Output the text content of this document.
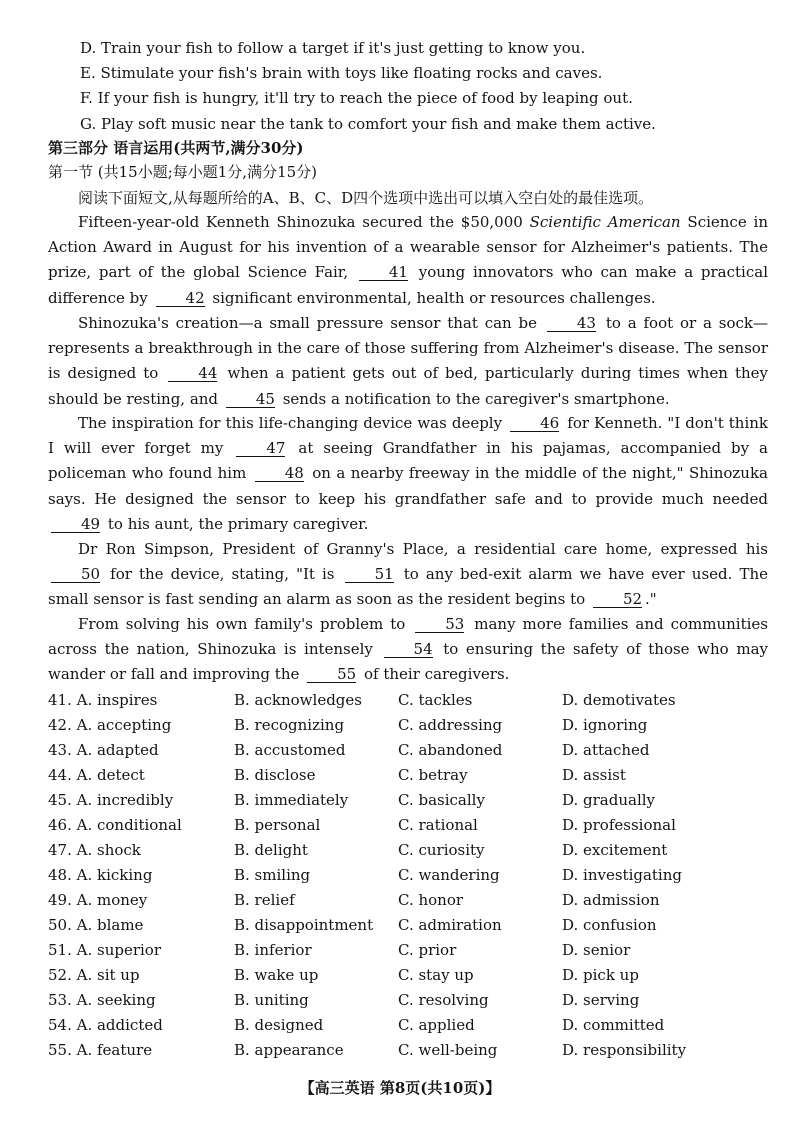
D. Train your fish to follow a target if it's just getting to know you.
E. Stimulate your fish's brain with toys like floating rocks and caves.
F. If your fish is hungry, it'll try to reach the piece of food by leaping out.
G. Play soft music near the tank to comfort your fish and make them active.
第三部分 语言运用(共两节,满分30分)
第一节 (共15小题;每小题1分,满分15分)
阅读下面短文,从每题所给的A、B、C、D四个选项中选出可以填入空白处的最佳选项。
Fifteen-year-old Kenneth Shinozuka secured the $50,000 Scientific American Science in Action Award in August for his invention of a wearable sensor for Alzheimer's patients. The prize, part of the global Science Fair,	41 young innovators who can make a practical difference by	42 significant environmental, health or resources challenges.
Shinozuka's creation—a small pressure sensor that can be	43 to a foot or a sock—represents a breakthrough in the care of those suffering from Alzheimer's disease. The sensor is designed to	44 when a patient gets out of bed, particularly during times when they should be resting, and	45 sends a notification to the caregiver's smartphone.
The inspiration for this life-changing device was deeply	46 for Kenneth. "I don't think I will ever forget my	47 at seeing Grandfather in his pajamas, accompanied by a policeman who found him	48 on a nearby freeway in the middle of the night," Shinozuka says. He designed the sensor to keep his grandfather safe and to provide much needed 49 to his aunt, the primary caregiver.
Dr Ron Simpson, President of Granny's Place, a residential care home, expressed his 50 for the device, stating, "It is	51 to any bed-exit alarm we have ever used. The small sensor is fast sending an alarm as soon as the resident begins to	52 ."
From solving his own family's problem to	53 many more families and communities across the nation, Shinozuka is intensely	54 to ensuring the safety of those who may wander or fall and improving the	55 of their caregivers.
41. A. inspires	B. acknowledges C. tackles	D. demotivates
42. A. accepting	B. recognizing	C. addressing	D. ignoring
43. A. adapted	B. accustomed	C. abandoned	D. attached
44. A. detect	B. disclose	C. betray	D. assist
45. A. incredibly	B. immediately	C. basically	D. gradually
46. A. conditional	B. personal	C. rational	D. professional
47. A. shock	B. delight	C. curiosity	D. excitement
48. A. kicking	B. smiling	C. wandering	D. investigating
49. A. money	B. relief	C. honor	D. admission
50. A. blame	B. disappointment C. admiration	D. confusion
51. A. superior	B. inferior	C. prior	D. senior
52. A. sit up	B. wake up	C. stay up	D. pick up
53. A. seeking	B. uniting	C. resolving	D. serving
54. A. addicted	B. designed	C. applied	D. committed
55. A. feature	B. appearance	C. well-being	D. responsibility
【高三英语 第8页(共10页)】
